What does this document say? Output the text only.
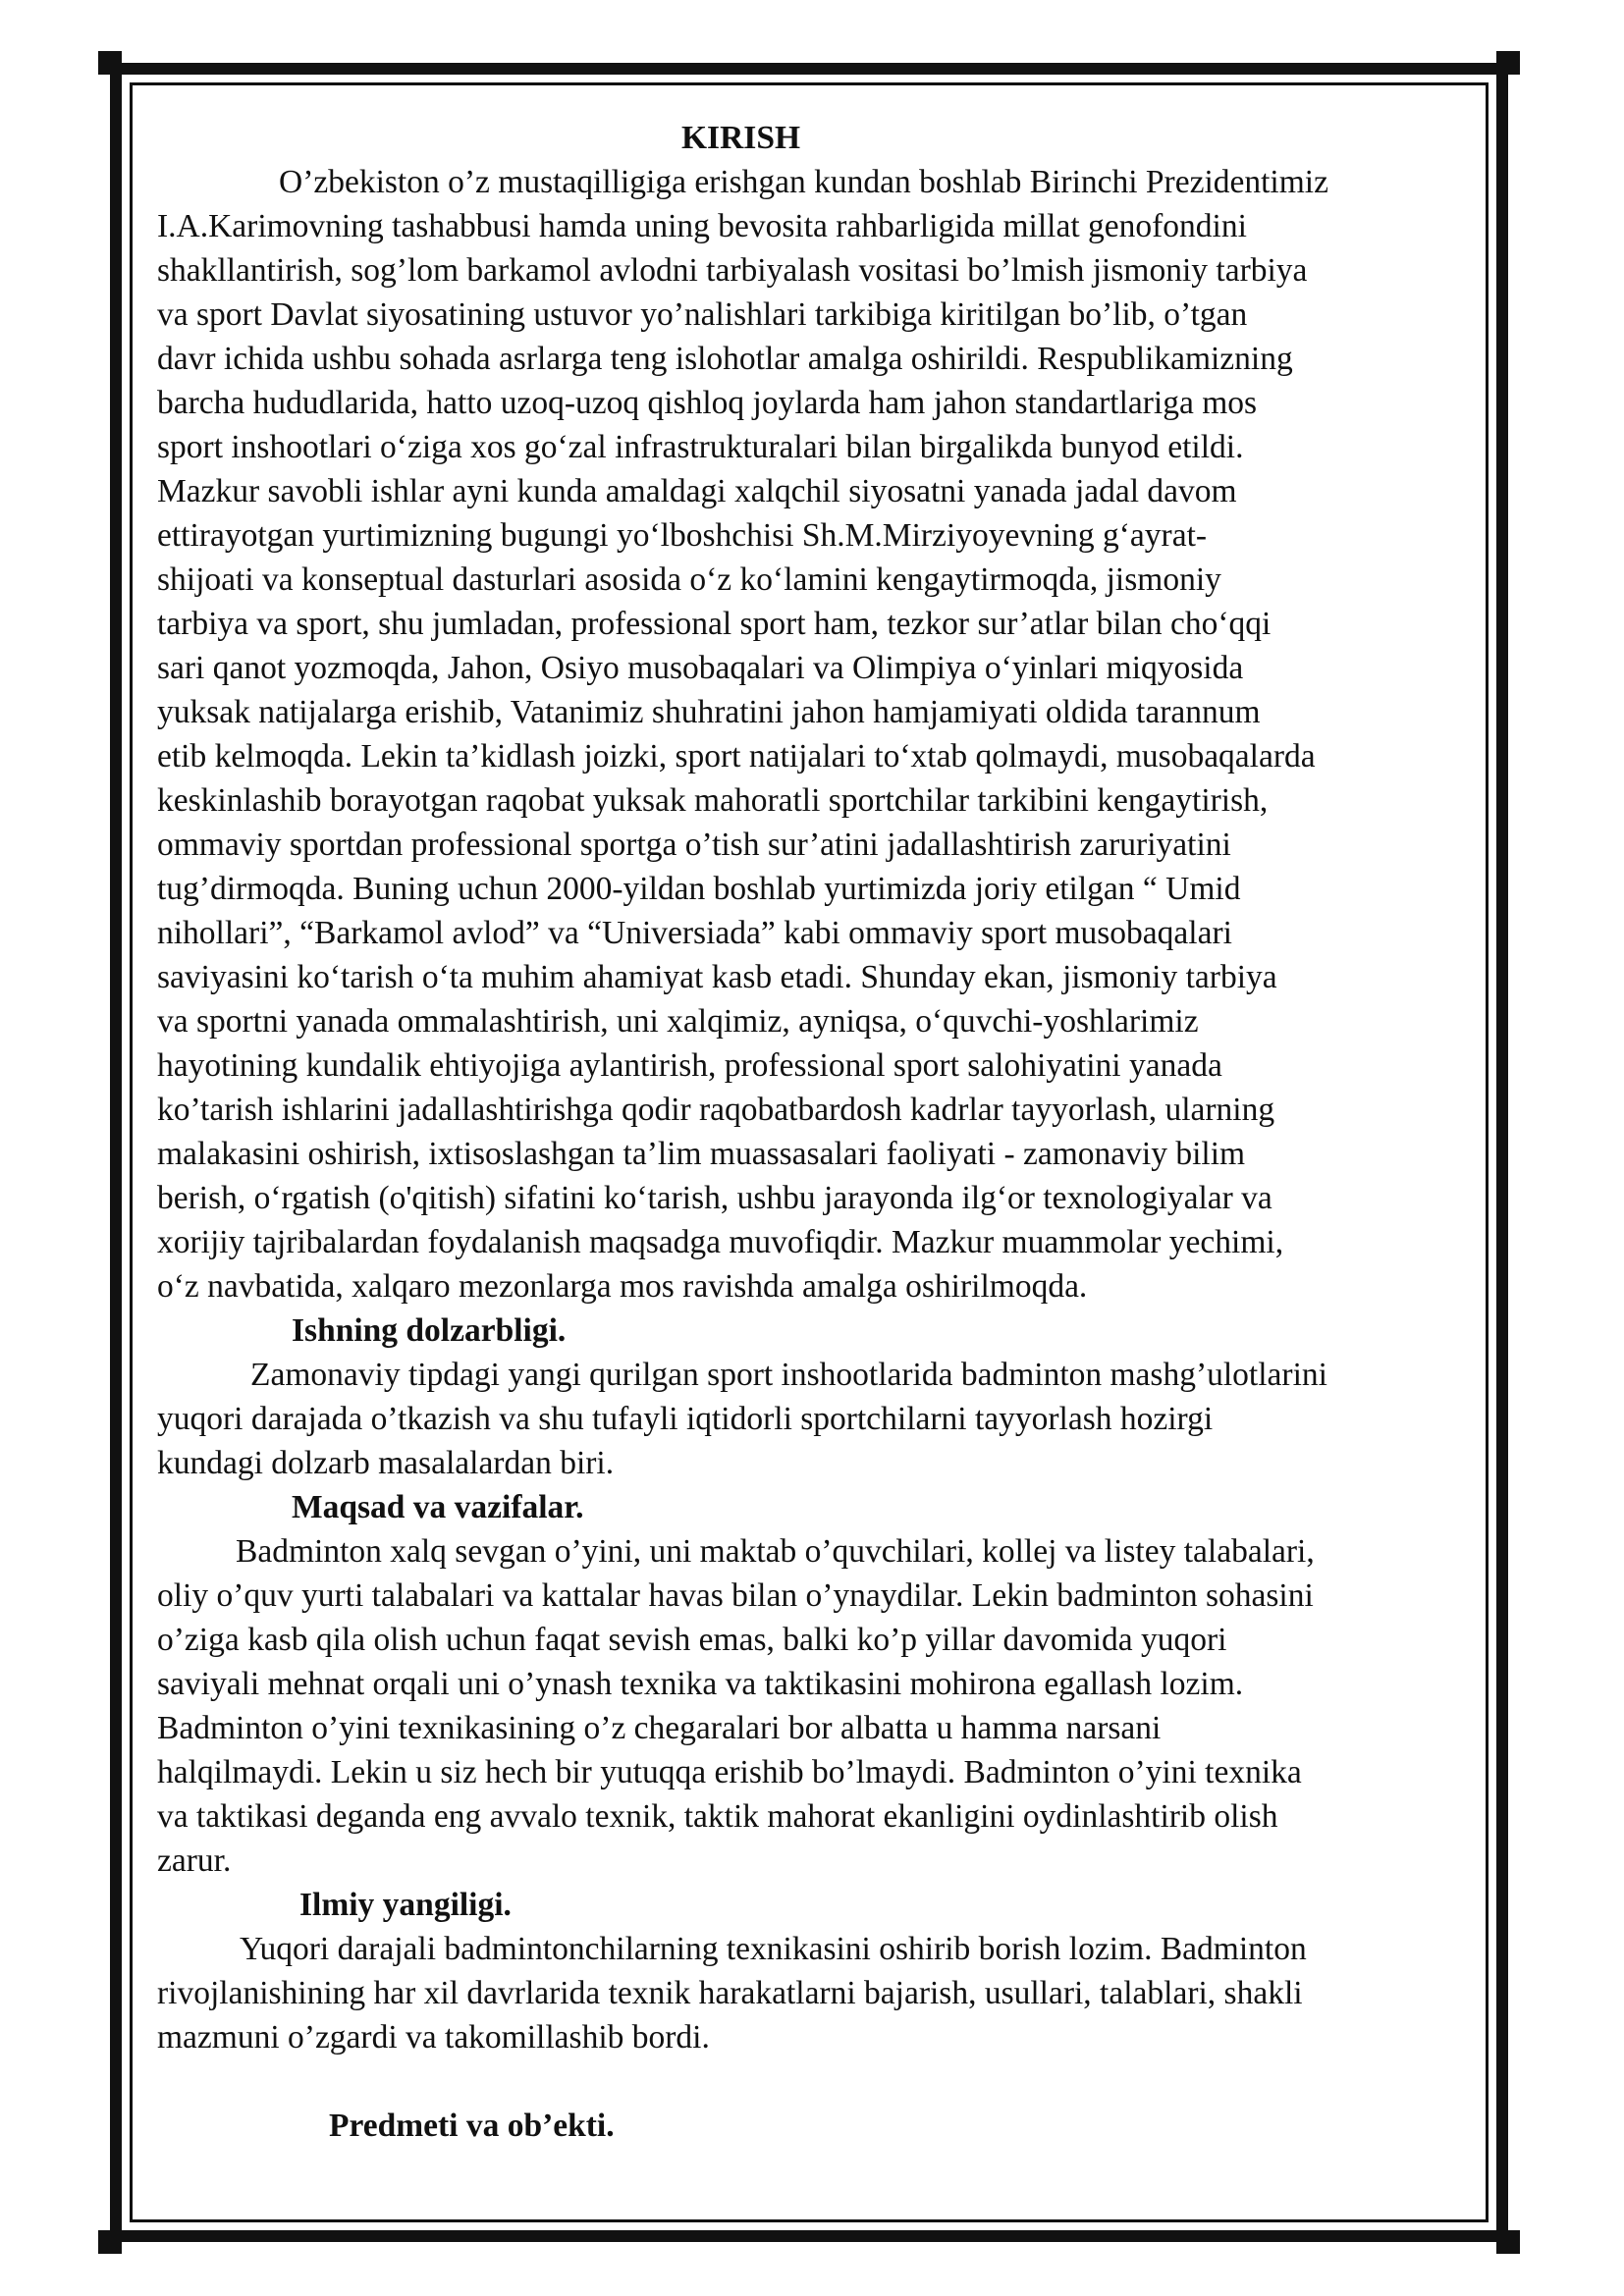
KIRISH

O’zbekiston o’z mustaqilligiga erishgan kundan boshlab Birinchi Prezidentimiz
I.A.Karimovning tashabbusi hamda uning bevosita rahbarligida millat genofondini
shakllantirish, sog’lom barkamol avlodni tarbiyalash vositasi bo’lmish jismoniy tarbiya
va sport Davlat siyosatining ustuvor yo’nalishlari tarkibiga kiritilgan bo’lib, o’tgan
davr ichida ushbu sohada asrlarga teng islohotlar amalga oshirildi. Respublikamizning
barcha hududlarida, hatto uzoq-uzoq qishloq joylarda ham jahon standartlariga mos
sport inshootlari o‘ziga xos go‘zal infrastrukturalari bilan birgalikda bunyod etildi.
Mazkur savobli ishlar ayni kunda amaldagi xalqchil siyosatni yanada jadal davom
ettirayotgan yurtimizning bugungi yo‘lboshchisi Sh.M.Mirziyoyevning g‘ayrat-
shijoati va konseptual dasturlari asosida o‘z ko‘lamini kengaytirmoqda, jismoniy
tarbiya va sport, shu jumladan, professional sport ham, tezkor sur’atlar bilan cho‘qqi
sari qanot yozmoqda, Jahon, Osiyo musobaqalari va Olimpiya o‘yinlari miqyosida
yuksak natijalarga erishib, Vatanimiz shuhratini jahon hamjamiyati oldida tarannum
etib kelmoqda. Lekin ta’kidlash joizki, sport natijalari to‘xtab qolmaydi, musobaqalarda
keskinlashib borayotgan raqobat yuksak mahoratli sportchilar tarkibini kengaytirish,
ommaviy sportdan professional sportga o’tish sur’atini jadallashtirish zaruriyatini
tug’dirmoqda. Buning uchun 2000-yildan boshlab yurtimizda joriy etilgan “ Umid
nihollari”, “Barkamol avlod” va “Universiada” kabi ommaviy sport musobaqalari
saviyasini ko‘tarish o‘ta muhim ahamiyat kasb etadi. Shunday ekan, jismoniy tarbiya
va sportni yanada ommalashtirish, uni xalqimiz, ayniqsa, o‘quvchi-yoshlarimiz
hayotining kundalik ehtiyojiga aylantirish, professional sport salohiyatini yanada
ko’tarish ishlarini jadallashtirishga qodir raqobatbardosh kadrlar tayyorlash, ularning
malakasini oshirish, ixtisoslashgan ta’lim muassasalari faoliyati - zamonaviy bilim
berish, o‘rgatish (o'qitish) sifatini ko‘tarish, ushbu jarayonda ilg‘or texnologiyalar va
xorijiy tajribalardan foydalanish maqsadga muvofiqdir. Mazkur muammolar yechimi,
o‘z navbatida, xalqaro mezonlarga mos ravishda amalga oshirilmoqda.

Ishning dolzarbligi.

Zamonaviy tipdagi yangi qurilgan sport inshootlarida badminton mashg’ulotlarini
yuqori darajada o’tkazish va shu tufayli iqtidorli sportchilarni tayyorlash hozirgi
kundagi dolzarb masalalardan biri.

Maqsad va vazifalar.

Badminton xalq sevgan o’yini, uni maktab o’quvchilari, kollej va listey talabalari,
oliy o’quv yurti talabalari va kattalar havas bilan o’ynaydilar. Lekin badminton sohasini
o’ziga kasb qila olish uchun faqat sevish emas, balki ko’p yillar davomida yuqori
saviyali mehnat orqali uni o’ynash texnika va taktikasini mohirona egallash lozim.
Badminton o’yini texnikasining o’z chegaralari bor albatta u hamma narsani
halqilmaydi. Lekin u siz hech bir yutuqqa erishib bo’lmaydi. Badminton o’yini texnika
va taktikasi deganda eng avvalo texnik, taktik mahorat ekanligini oydinlashtirib olish
zarur.

Ilmiy yangiligi.

Yuqori darajali badmintonchilarning texnikasini oshirib borish lozim. Badminton
rivojlanishining har xil davrlarida texnik harakatlarni bajarish, usullari, talablari, shakli
mazmuni o’zgardi va takomillashib bordi.

Predmeti va ob’ekti.
